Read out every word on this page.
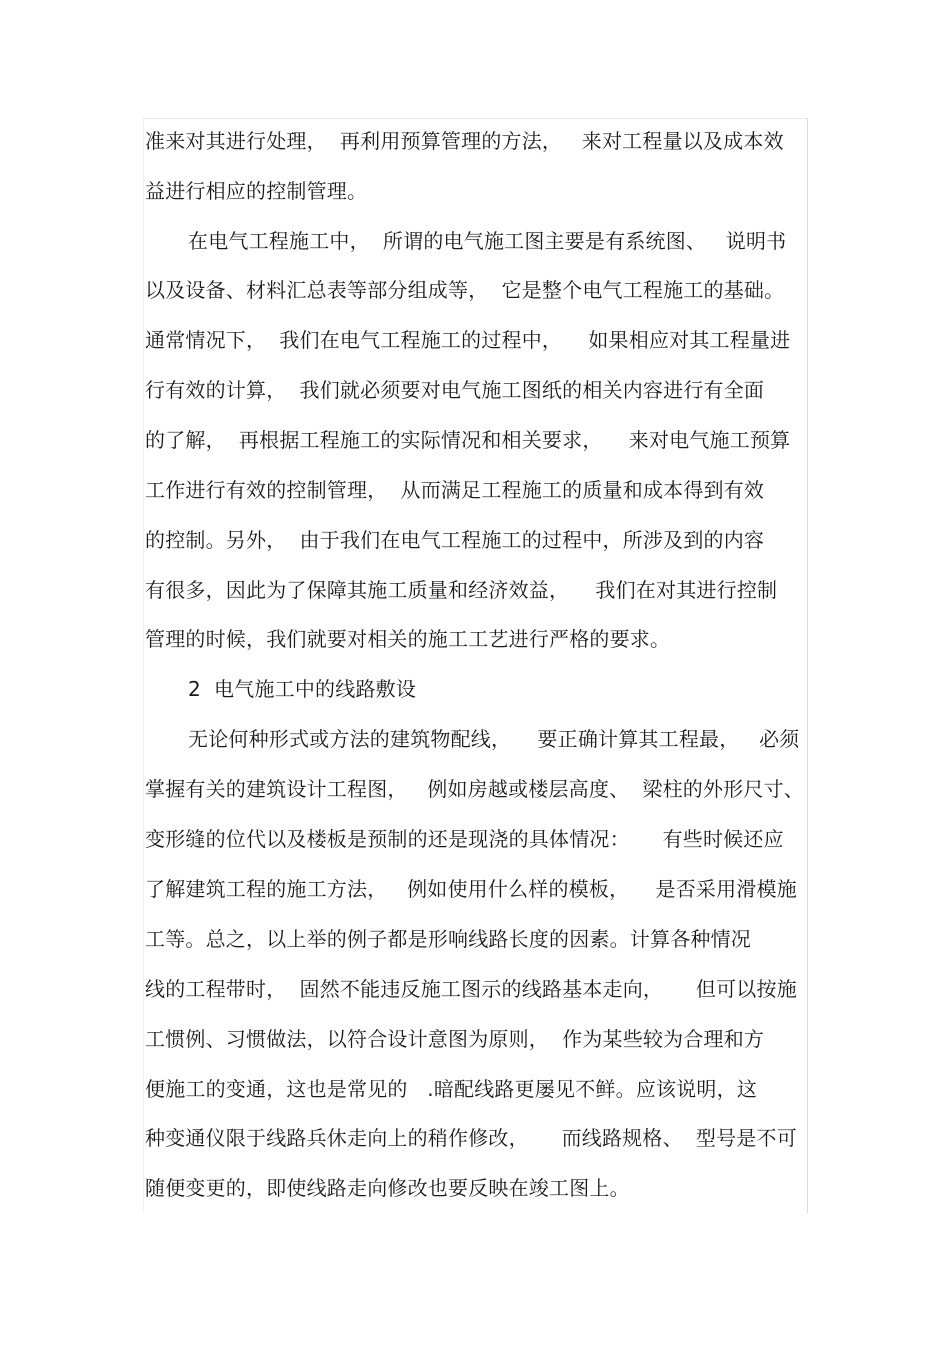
准来对其进行处理，  再利用预算管理的方法，   来对工程量以及成本效

益进行相应的控制管理。

在电气工程施工中，  所谓的电气施工图主要是有系统图、   说明书

以及设备、材料汇总表等部分组成等，  它是整个电气工程施工的基础。

通常情况下，  我们在电气工程施工的过程中，    如果相应对其工程量进

行有效的计算，  我们就必须要对电气施工图纸的相关内容进行有全面

的了解，  再根据工程施工的实际情况和相关要求，    来对电气施工预算

工作进行有效的控制管理，  从而满足工程施工的质量和成本得到有效

的控制。另外，  由于我们在电气工程施工的过程中，所涉及到的内容

有很多，因此为了保障其施工质量和经济效益，    我们在对其进行控制

管理的时候，我们就要对相关的施工工艺进行严格的要求。

2  电气施工中的线路敷设

无论何种形式或方法的建筑物配线，    要正确计算其工程最，   必须

掌握有关的建筑设计工程图，   例如房越或楼层高度、  梁柱的外形尺寸、

变形缝的位代以及楼板是预制的还是现浇的具体情况：     有些时候还应

了解建筑工程的施工方法，   例如使用什么样的模板，    是否采用滑模施

工等。总之，以上举的例子都是形响线路长度的因素。计算各种情况

线的工程带时，  固然不能违反施工图示的线路基本走向，     但可以按施

工惯例、习惯做法，以符合设计意图为原则，  作为某些较为合理和方

便施工的变通，这也是常见的   .暗配线路更屡见不鲜。应该说明，这

种变通仪限于线路兵休走向上的稍作修改，     而线路规格、  型号是不可

随便变更的，即使线路走向修改也要反映在竣工图上。
